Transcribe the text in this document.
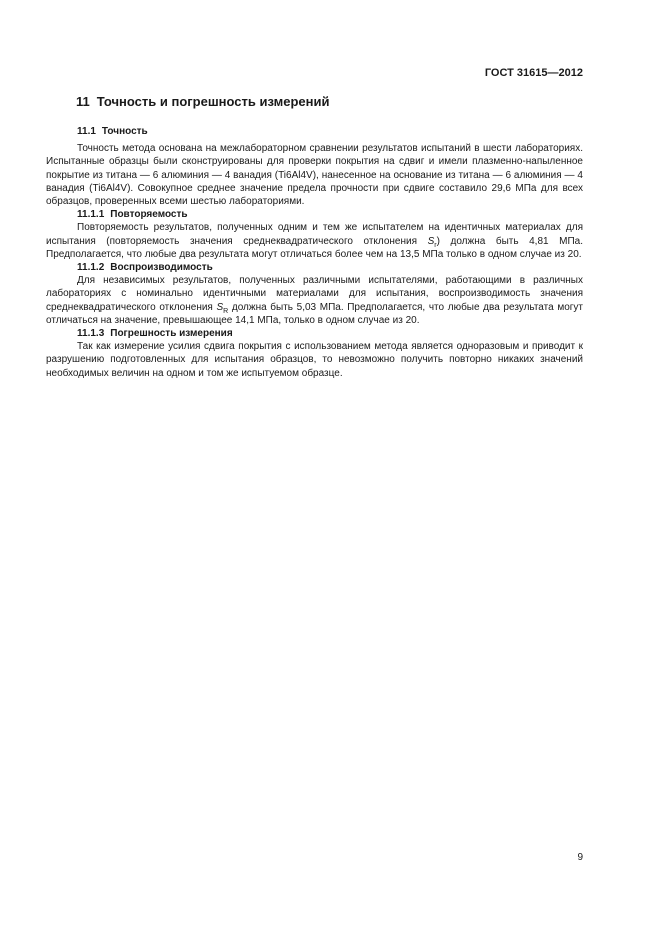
ГОСТ 31615—2012
11 Точность и погрешность измерений
11.1 Точность

Точность метода основана на межлабораторном сравнении результатов испытаний в шести лабораториях. Испытанные образцы были сконструированы для проверки покрытия на сдвиг и имели плазменно-напыленное покрытие из титана — 6 алюминия — 4 ванадия (Ti6Al4V), нанесенное на основание из титана — 6 алюминия — 4 ванадия (Ti6Al4V). Совокупное среднее значение предела прочности при сдвиге составило 29,6 МПа для всех образцов, проверенных всеми шестью лабораториями.

11.1.1 Повторяемость

Повторяемость результатов, полученных одним и тем же испытателем на идентичных материалах для испытания (повторяемость значения среднеквадратического отклонения $S_r$) должна быть 4,81 МПа. Предполагается, что любые два результата могут отличаться более чем на 13,5 МПа только в одном случае из 20.

11.1.2 Воспроизводимость

Для независимых результатов, полученных различными испытателями, работающими в различных лабораториях с номинально идентичными материалами для испытания, воспроизводимость значения среднеквадратического отклонения $S_R$ должна быть 5,03 МПа. Предполагается, что любые два результата могут отличаться на значение, превышающее 14,1 МПа, только в одном случае из 20.

11.1.3 Погрешность измерения

Так как измерение усилия сдвига покрытия с использованием метода является одноразовым и приводит к разрушению подготовленных для испытания образцов, то невозможно получить повторно никаких значений необходимых величин на одном и том же испытуемом образце.

9
